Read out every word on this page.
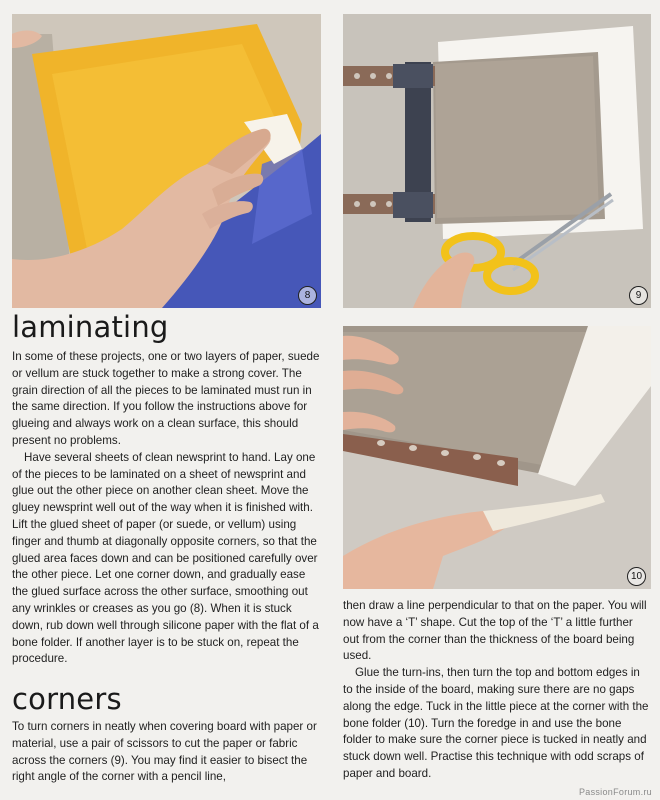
8	9
10
laminating

In some of these projects, one or two layers of paper, suede or vellum are stuck together to make a strong cover. The grain direction of all the pieces to be laminated must run in the same direction. If you follow the instructions above for glueing and always work on a clean surface, this should present no problems.

Have several sheets of clean newsprint to hand. Lay one of the pieces to be laminated on a sheet of newsprint and glue out the other piece on another clean sheet. Move the gluey newsprint well out of the way when it is finished with. Lift the glued sheet of paper (or suede, or vellum) using finger and thumb at diagonally opposite corners, so that the glued area faces down and can be positioned carefully over the other piece. Let one corner down, and gradually ease the glued surface across the other surface, smoothing out any wrinkles or creases as you go (8). When it is stuck down, rub down well through silicone paper with the flat of a bone folder. If another layer is to be stuck on, repeat the procedure.

corners

To turn corners in neatly when covering board with paper or material, use a pair of scissors to cut the paper or fabric across the corners (9). You may find it easier to bisect the right angle of the corner with a pencil line,

then draw a line perpendicular to that on the paper. You will now have a ‘T’ shape. Cut the top of the ‘T’ a little further out from the corner than the thickness of the board being used.

Glue the turn-ins, then turn the top and bottom edges in to the inside of the board, making sure there are no gaps along the edge. Tuck in the little piece at the corner with the bone folder (10). Turn the foredge in and use the bone folder to make sure the corner piece is tucked in neatly and stuck down well. Practise this technique with odd scraps of paper and board.

PassionForum.ru
